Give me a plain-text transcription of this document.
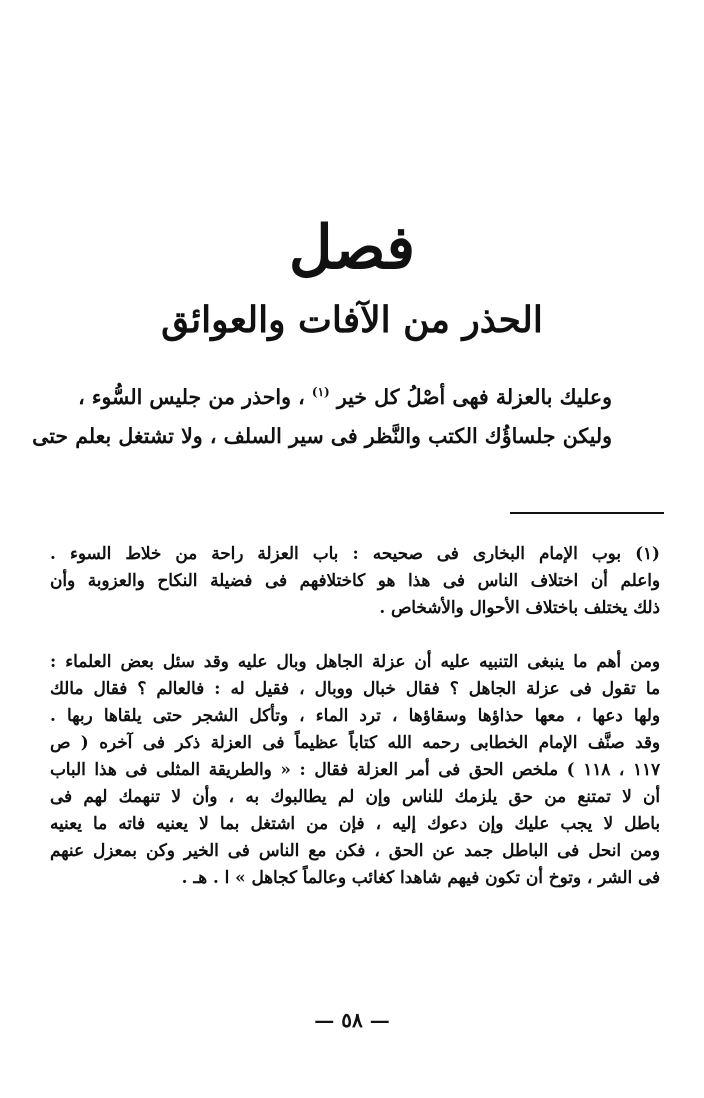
فصل
الحذر من الآفات والعوائق
وعليك بالعزلة فهى أصْلُ كل خير $^{(١)}$ ، واحذر من جليس السُّوء ،
وليكن جلساؤُك الكتب والنَّظر فى سير السلف ، ولا تشتغل بعلم حتى
(١) بوب الإمام البخارى فى صحيحه : باب العزلة راحة من خلاط السوء .
واعلم أن اختلاف الناس فى هذا هو كاختلافهم فى فضيلة النكاح والعزوبة وأن
ذلك يختلف باختلاف الأحوال والأشخاص .
ومن أهم ما ينبغى التنبيه عليه أن عزلة الجاهل وبال عليه وقد سئل بعض العلماء :
ما تقول فى عزلة الجاهل ؟ فقال خبال ووبال ، فقيل له : فالعالم ؟ فقال مالك
ولها دعها ، معها حذاؤها وسقاؤها ، ترد الماء ، وتأكل الشجر حتى يلقاها ربها .
وقد صنَّف الإمام الخطابى رحمه الله كتاباً عظيماً فى العزلة ذكر فى آخره ( ص
١١٧ ، ١١٨ ) ملخص الحق فى أمر العزلة فقال : « والطريقة المثلى فى هذا الباب
أن لا تمتنع من حق يلزمك للناس وإن لم يطالبوك به ، وأن لا تنهمك لهم فى
باطل لا يجب عليك وإن دعوك إليه ، فإن من اشتغل بما لا يعنيه فاته ما يعنيه
ومن انحل فى الباطل جمد عن الحق ، فكن مع الناس فى الخير وكن بمعزل عنهم
فى الشر ، وتوخ أن تكون فيهم شاهدا كغائب وعالماً كجاهل » ا . هـ .
— ٥٨ —
